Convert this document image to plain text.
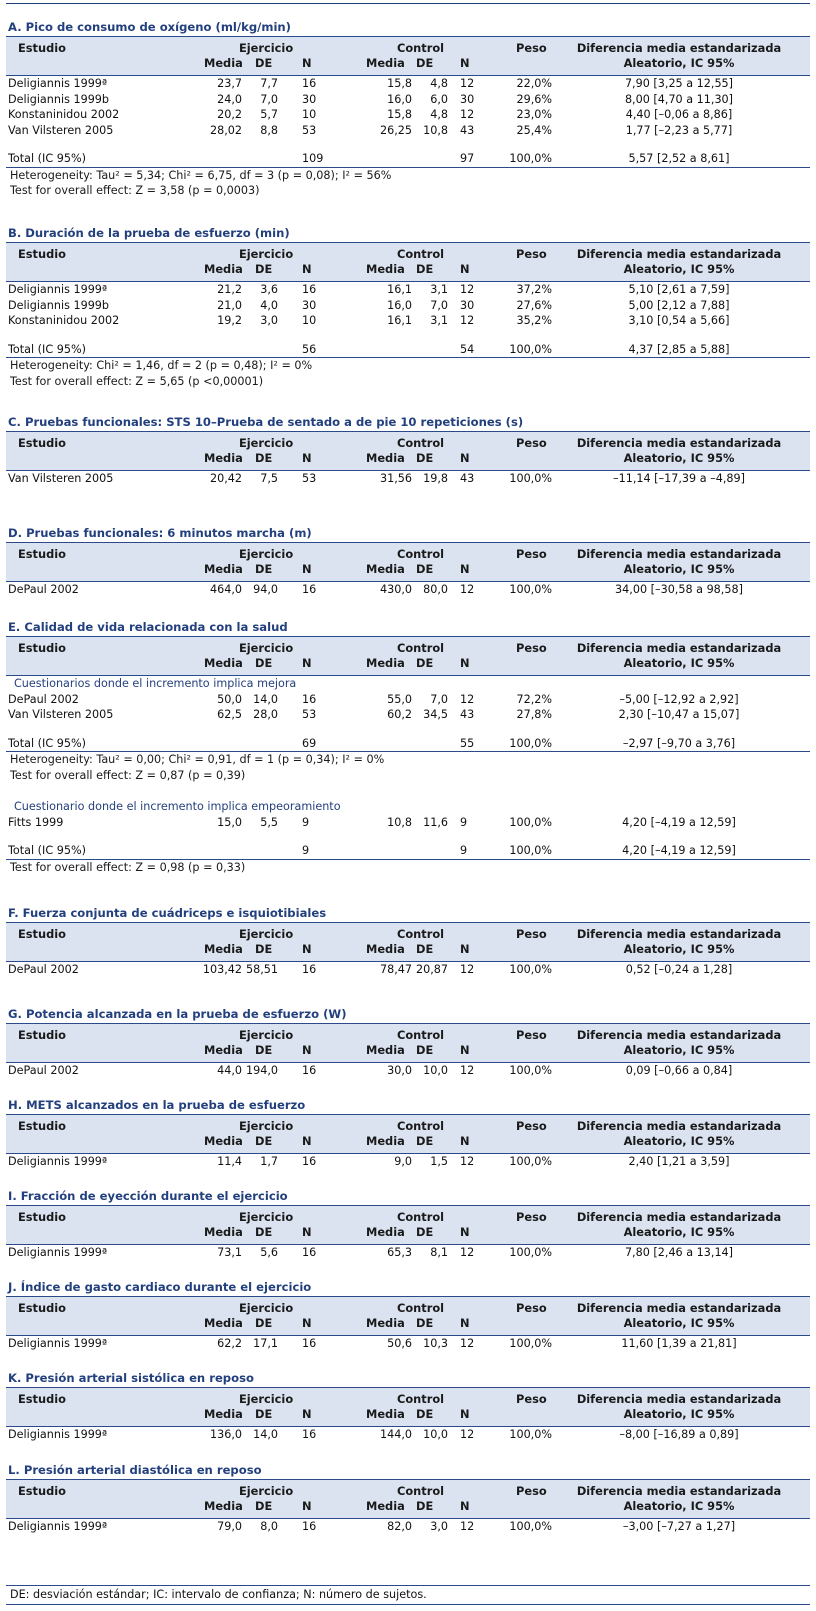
A. Pico de consumo de oxígeno (ml/kg/min)
Estudio	Ejercicio	Control	Peso	Diferencia media estandarizada
Media DE	N	Media DE N	Aleatorio, IC 95%
Deligiannis 1999ª	23,7	7,7 16	15,8	4,8 12	22,0%	7,90 [3,25 a 12,55]
Deligiannis 1999b	24,0	7,0 30	16,0	6,0 30	29,6%	8,00 [4,70 a 11,30]
Konstaninidou 2002	20,2	5,7 10	15,8	4,8 12	23,0%	4,40 [–0,06 a 8,86]
Van Vilsteren 2005	28,02	8,8 53	26,25 10,8 43	25,4%	1,77 [–2,23 a 5,77]
Total (IC 95%)	109	97	100,0%	5,57 [2,52 a 8,61]
Heterogeneity: Tau² = 5,34; Chi² = 6,75, df = 3 (p = 0,08); I² = 56%
Test for overall effect: Z = 3,58 (p = 0,0003)
B. Duración de la prueba de esfuerzo (min)
Estudio	Ejercicio	Control	Peso	Diferencia media estandarizada
Media DE	N	Media DE N	Aleatorio, IC 95%
Deligiannis 1999ª	21,2	3,6 16	16,1	3,1 12	37,2%	5,10 [2,61 a 7,59]
Deligiannis 1999b	21,0	4,0 30	16,0	7,0 30	27,6%	5,00 [2,12 a 7,88]
Konstaninidou 2002	19,2	3,0 10	16,1	3,1 12	35,2%	3,10 [0,54 a 5,66]
Total (IC 95%)	56	54	100,0%	4,37 [2,85 a 5,88]
Heterogeneity: Chi² = 1,46, df = 2 (p = 0,48); I² = 0%
Test for overall effect: Z = 5,65 (p <0,00001)
C. Pruebas funcionales: STS 10–Prueba de sentado a de pie 10 repeticiones (s)
Estudio	Ejercicio	Control	Peso	Diferencia media estandarizada
Media DE	N	Media DE N	Aleatorio, IC 95%
Van Vilsteren 2005	20,42	7,5 53	31,56 19,8 43	100,0%	–11,14 [–17,39 a –4,89]
D. Pruebas funcionales: 6 minutos marcha (m)
Estudio	Ejercicio	Control	Peso	Diferencia media estandarizada
Media DE	N	Media DE N	Aleatorio, IC 95%
DePaul 2002	464,0 94,0 16	430,0 80,0 12	100,0%	34,00 [–30,58 a 98,58]
E. Calidad de vida relacionada con la salud
Estudio	Ejercicio	Control	Peso	Diferencia media estandarizada
Media DE	N	Media DE N	Aleatorio, IC 95%
Cuestionarios donde el incremento implica mejora
DePaul 2002	50,0 14,0 16	55,0	7,0 12	72,2%	–5,00 [–12,92 a 2,92]
Van Vilsteren 2005	62,5 28,0 53	60,2 34,5 43	27,8%	2,30 [–10,47 a 15,07]
Total (IC 95%)	69	55	100,0%	–2,97 [–9,70 a 3,76]
Heterogeneity: Tau² = 0,00; Chi² = 0,91, df = 1 (p = 0,34); I² = 0%
Test for overall effect: Z = 0,87 (p = 0,39)
Cuestionario donde el incremento implica empeoramiento
Fitts 1999	15,0	5,5 9	10,8 11,6 9	100,0%	4,20 [–4,19 a 12,59]
Total (IC 95%)	9	9	100,0%	4,20 [–4,19 a 12,59]
Test for overall effect: Z = 0,98 (p = 0,33)
F. Fuerza conjunta de cuádriceps e isquiotibiales
Estudio	Ejercicio	Control	Peso	Diferencia media estandarizada
Media DE	N	Media DE N	Aleatorio, IC 95%
DePaul 2002	103,42 58,51 16	78,47 20,87 12	100,0%	0,52 [–0,24 a 1,28]
G. Potencia alcanzada en la prueba de esfuerzo (W)
Estudio	Ejercicio	Control	Peso	Diferencia media estandarizada
Media DE	N	Media DE N	Aleatorio, IC 95%
DePaul 2002	44,0 194,0 16	30,0 10,0 12	100,0%	0,09 [–0,66 a 0,84]
H. METS alcanzados en la prueba de esfuerzo
Estudio	Ejercicio	Control	Peso	Diferencia media estandarizada
Media DE	N	Media DE N	Aleatorio, IC 95%
Deligiannis 1999ª	11,4	1,7 16	9,0	1,5 12	100,0%	2,40 [1,21 a 3,59]
I. Fracción de eyección durante el ejercicio
Estudio	Ejercicio	Control	Peso	Diferencia media estandarizada
Media DE	N	Media DE N	Aleatorio, IC 95%
Deligiannis 1999ª	73,1	5,6 16	65,3	8,1 12	100,0%	7,80 [2,46 a 13,14]
J. Índice de gasto cardiaco durante el ejercicio
Estudio	Ejercicio	Control	Peso	Diferencia media estandarizada
Media DE	N	Media DE N	Aleatorio, IC 95%
Deligiannis 1999ª	62,2 17,1 16	50,6 10,3 12	100,0%	11,60 [1,39 a 21,81]
K. Presión arterial sistólica en reposo
Estudio	Ejercicio	Control	Peso	Diferencia media estandarizada
Media DE	N	Media DE N	Aleatorio, IC 95%
Deligiannis 1999ª	136,0 14,0 16	144,0 10,0 12	100,0%	–8,00 [–16,89 a 0,89]
L. Presión arterial diastólica en reposo
Estudio	Ejercicio	Control	Peso	Diferencia media estandarizada
Media DE	N	Media DE N	Aleatorio, IC 95%
Deligiannis 1999ª	79,0	8,0 16	82,0	3,0 12	100,0%	–3,00 [–7,27 a 1,27]
DE: desviación estándar; IC: intervalo de confianza; N: número de sujetos.
